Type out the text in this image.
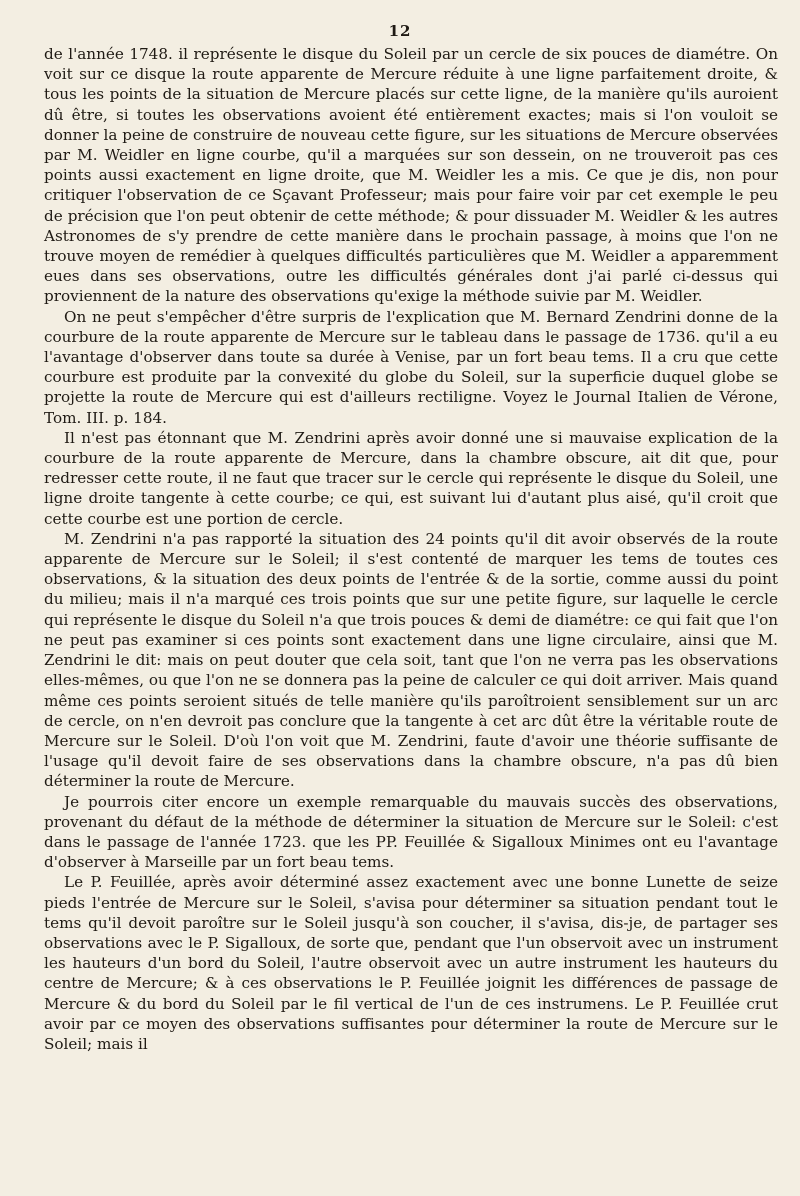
12

de l'année 1748. il représente le disque du Soleil par un cercle de six pouces de diamétre. On voit sur ce disque la route apparente de Mercure réduite à une ligne parfaitement droite, & tous les points de la situation de Mercure placés sur cette ligne, de la manière qu'ils auroient dû être, si toutes les observations avoient été entièrement exactes; mais si l'on vouloit se donner la peine de construire de nouveau cette figure, sur les situations de Mercure observées par M. Weidler en ligne courbe, qu'il a marquées sur son dessein, on ne trouveroit pas ces points aussi exactement en ligne droite, que M. Weidler les a mis. Ce que je dis, non pour critiquer l'observation de ce Sçavant Professeur; mais pour faire voir par cet exemple le peu de précision que l'on peut obtenir de cette méthode; & pour dissuader M. Weidler & les autres Astronomes de s'y prendre de cette manière dans le prochain passage, à moins que l'on ne trouve moyen de remédier à quelques difficultés particulières que M. Weidler a apparemment eues dans ses observations, outre les difficultés générales dont j'ai parlé ci-dessus qui proviennent de la nature des observations qu'exige la méthode suivie par M. Weidler.

On ne peut s'empêcher d'être surpris de l'explication que M. Bernard Zendrini donne de la courbure de la route apparente de Mercure sur le tableau dans le passage de 1736. qu'il a eu l'avantage d'observer dans toute sa durée à Venise, par un fort beau tems. Il a cru que cette courbure est produite par la convexité du globe du Soleil, sur la superficie duquel globe se projette la route de Mercure qui est d'ailleurs rectiligne. Voyez le Journal Italien de Vérone, Tom. III. p. 184.

Il n'est pas étonnant que M. Zendrini après avoir donné une si mauvaise explication de la courbure de la route apparente de Mercure, dans la chambre obscure, ait dit que, pour redresser cette route, il ne faut que tracer sur le cercle qui représente le disque du Soleil, une ligne droite tangente à cette courbe; ce qui, est suivant lui d'autant plus aisé, qu'il croit que cette courbe est une portion de cercle.

M. Zendrini n'a pas rapporté la situation des 24 points qu'il dit avoir observés de la route apparente de Mercure sur le Soleil; il s'est contenté de marquer les tems de toutes ces observations, & la situation des deux points de l'entrée & de la sortie, comme aussi du point du milieu; mais il n'a marqué ces trois points que sur une petite figure, sur laquelle le cercle qui représente le disque du Soleil n'a que trois pouces & demi de diamétre: ce qui fait que l'on ne peut pas examiner si ces points sont exactement dans une ligne circulaire, ainsi que M. Zendrini le dit: mais on peut douter que cela soit, tant que l'on ne verra pas les observations elles-mêmes, ou que l'on ne se donnera pas la peine de calculer ce qui doit arriver. Mais quand même ces points seroient situés de telle manière qu'ils paroîtroient sensiblement sur un arc de cercle, on n'en devroit pas conclure que la tangente à cet arc dût être la véritable route de Mercure sur le Soleil. D'où l'on voit que M. Zendrini, faute d'avoir une théorie suffisante de l'usage qu'il devoit faire de ses observations dans la chambre obscure, n'a pas dû bien déterminer la route de Mercure.

Je pourrois citer encore un exemple remarquable du mauvais succès des observations, provenant du défaut de la méthode de déterminer la situation de Mercure sur le Soleil: c'est dans le passage de l'année 1723. que les PP. Feuillée & Sigalloux Minimes ont eu l'avantage d'observer à Marseille par un fort beau tems.

Le P. Feuillée, après avoir déterminé assez exactement avec une bonne Lunette de seize pieds l'entrée de Mercure sur le Soleil, s'avisa pour déterminer sa situation pendant tout le tems qu'il devoit paroître sur le Soleil jusqu'à son coucher, il s'avisa, dis-je, de partager ses observations avec le P. Sigalloux, de sorte que, pendant que l'un observoit avec un instrument les hauteurs d'un bord du Soleil, l'autre observoit avec un autre instrument les hauteurs du centre de Mercure; & à ces observations le P. Feuillée joignit les différences de passage de Mercure & du bord du Soleil par le fil vertical de l'un de ces instrumens. Le P. Feuillée crut avoir par ce moyen des observations suffisantes pour déterminer la route de Mercure sur le Soleil; mais il
